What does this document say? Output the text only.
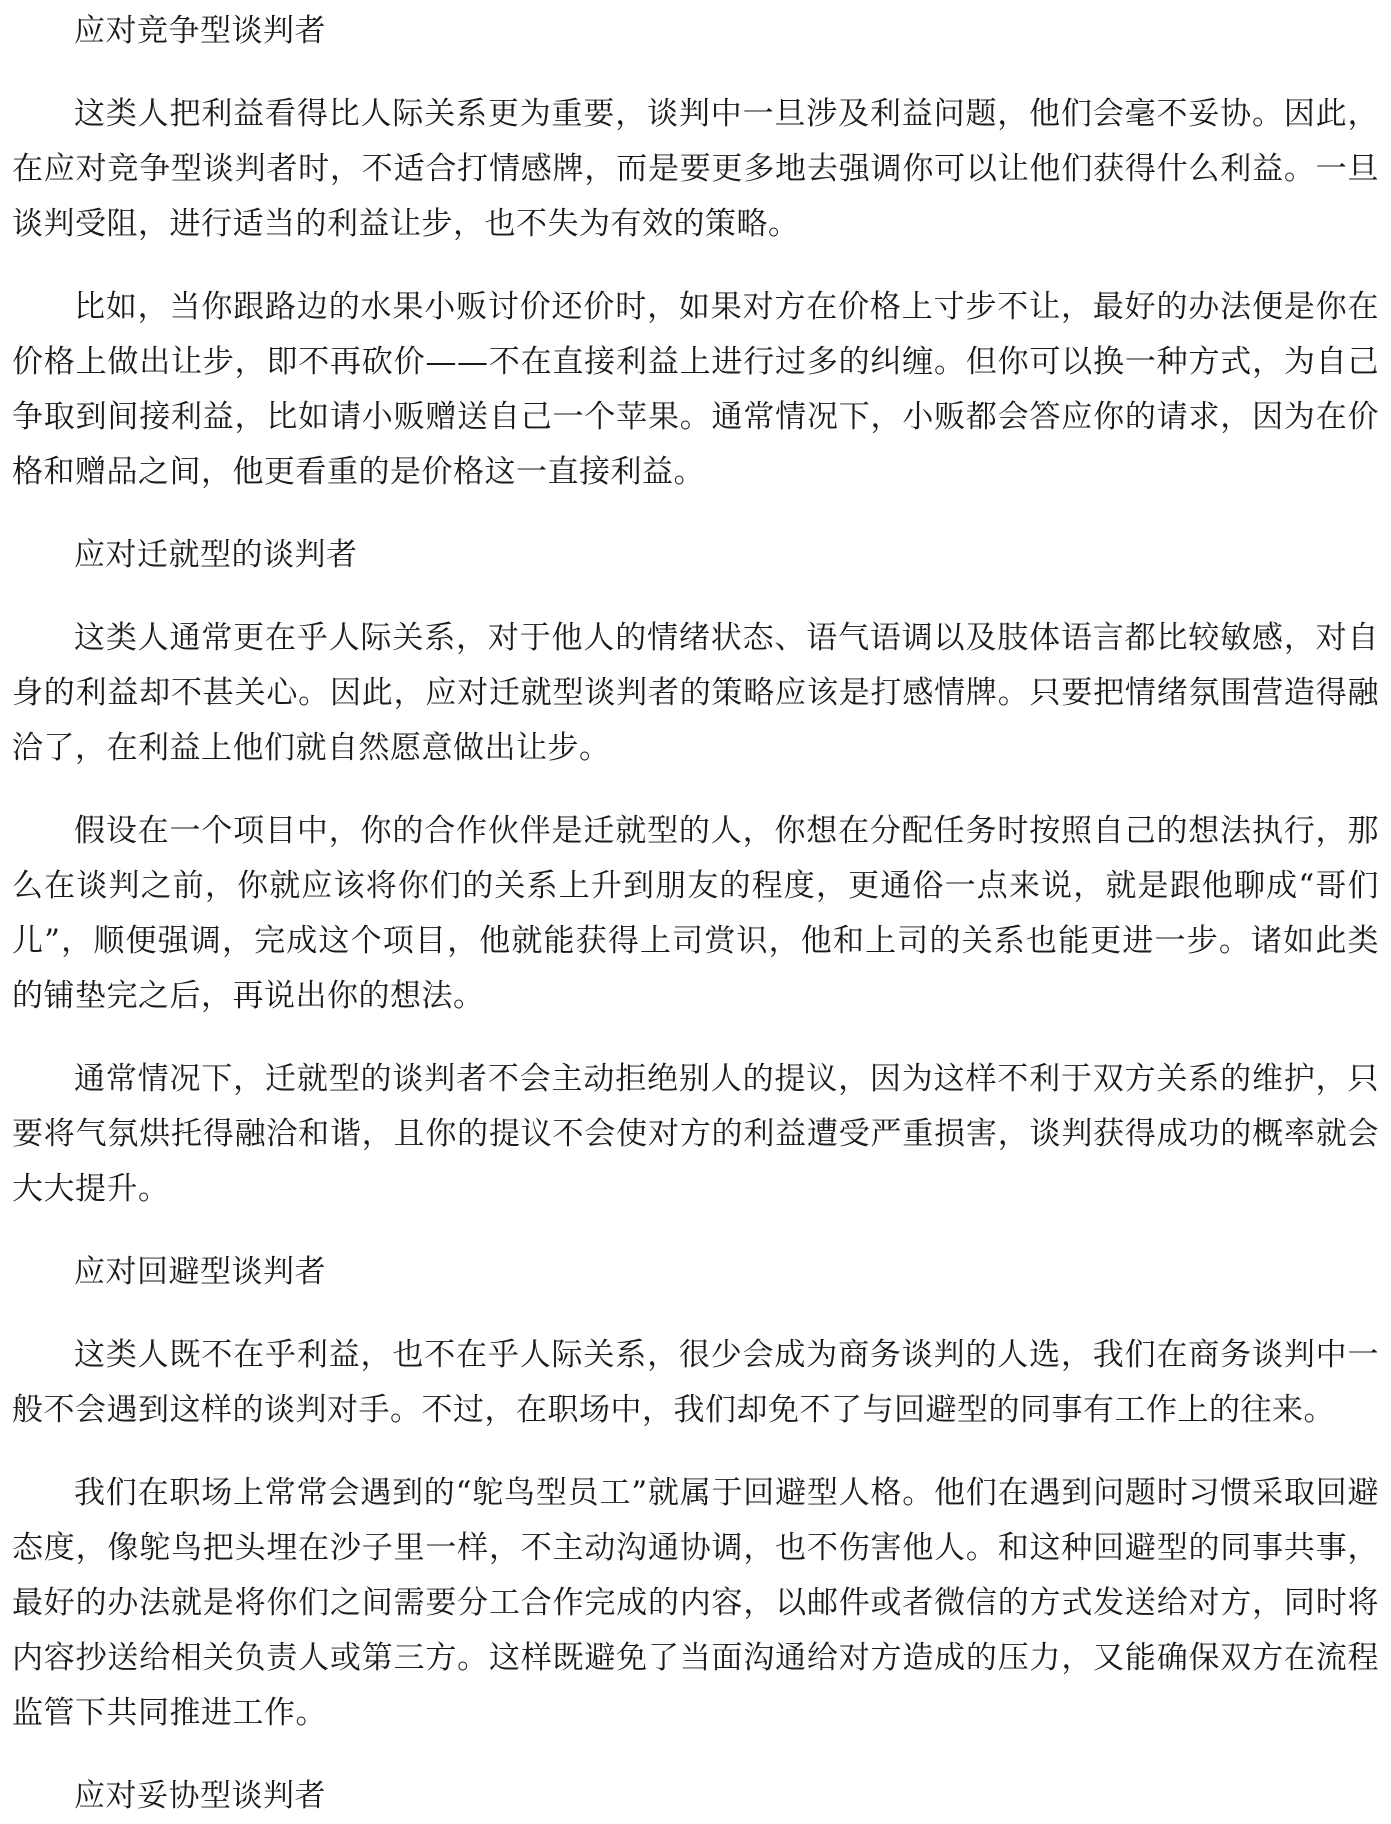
应对竞争型谈判者

这类人把利益看得比人际关系更为重要，谈判中一旦涉及利益问题，他们会毫不妥协。因此，在应对竞争型谈判者时，不适合打情感牌，而是要更多地去强调你可以让他们获得什么利益。一旦谈判受阻，进行适当的利益让步，也不失为有效的策略。

比如，当你跟路边的水果小贩讨价还价时，如果对方在价格上寸步不让，最好的办法便是你在价格上做出让步，即不再砍价——不在直接利益上进行过多的纠缠。但你可以换一种方式，为自己争取到间接利益，比如请小贩赠送自己一个苹果。通常情况下，小贩都会答应你的请求，因为在价格和赠品之间，他更看重的是价格这一直接利益。

应对迁就型的谈判者

这类人通常更在乎人际关系，对于他人的情绪状态、语气语调以及肢体语言都比较敏感，对自身的利益却不甚关心。因此，应对迁就型谈判者的策略应该是打感情牌。只要把情绪氛围营造得融洽了，在利益上他们就自然愿意做出让步。

假设在一个项目中，你的合作伙伴是迁就型的人，你想在分配任务时按照自己的想法执行，那么在谈判之前，你就应该将你们的关系上升到朋友的程度，更通俗一点来说，就是跟他聊成“哥们儿”，顺便强调，完成这个项目，他就能获得上司赏识，他和上司的关系也能更进一步。诸如此类的铺垫完之后，再说出你的想法。

通常情况下，迁就型的谈判者不会主动拒绝别人的提议，因为这样不利于双方关系的维护，只要将气氛烘托得融洽和谐，且你的提议不会使对方的利益遭受严重损害，谈判获得成功的概率就会大大提升。

应对回避型谈判者

这类人既不在乎利益，也不在乎人际关系，很少会成为商务谈判的人选，我们在商务谈判中一般不会遇到这样的谈判对手。不过，在职场中，我们却免不了与回避型的同事有工作上的往来。

我们在职场上常常会遇到的“鸵鸟型员工”就属于回避型人格。他们在遇到问题时习惯采取回避态度，像鸵鸟把头埋在沙子里一样，不主动沟通协调，也不伤害他人。和这种回避型的同事共事，最好的办法就是将你们之间需要分工合作完成的内容，以邮件或者微信的方式发送给对方，同时将内容抄送给相关负责人或第三方。这样既避免了当面沟通给对方造成的压力，又能确保双方在流程监管下共同推进工作。

应对妥协型谈判者
